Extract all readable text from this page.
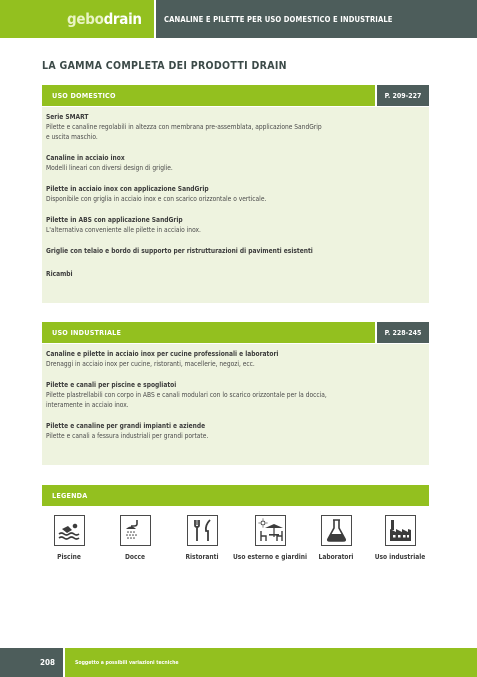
gebo drain	CANALINE E PILETTE PER USO DOMESTICO E INDUSTRIALE
LA GAMMA COMPLETA DEI PRODOTTI DRAIN
USO DOMESTICO	P. 209-227
Serie SMART
Pilette e canaline regolabili in altezza con membrana pre-assemblata, applicazione SandGrip
e uscita maschio.
Canaline in acciaio inox
Modelli lineari con diversi design di griglie.
Pilette in acciaio inox con applicazione SandGrip
Disponibile con griglia in acciaio inox e con scarico orizzontale o verticale.
Pilette in ABS con applicazione SandGrip
L'alternativa conveniente alle pilette in acciaio inox.
Griglie con telaio e bordo di supporto per ristrutturazioni di pavimenti esistenti
Ricambi
USO INDUSTRIALE	P. 228-245
Canaline e pilette in acciaio inox per cucine professionali e laboratori
Drenaggi in acciaio inox per cucine, ristoranti, macellerie, negozi, ecc.
Pilette e canali per piscine e spogliatoi
Pilette plastrellabili con corpo in ABS e canali modulari con lo scarico orizzontale per la doccia,
interamente in acciaio inox.
Pilette e canaline per grandi impianti e aziende
Pilette e canali a fessura industriali per grandi portate.
LEGENDA
Piscine	Docce	Ristoranti	Uso esterno e giardini	Laboratori	Uso industriale
208	Soggetto a possibili variazioni tecniche
